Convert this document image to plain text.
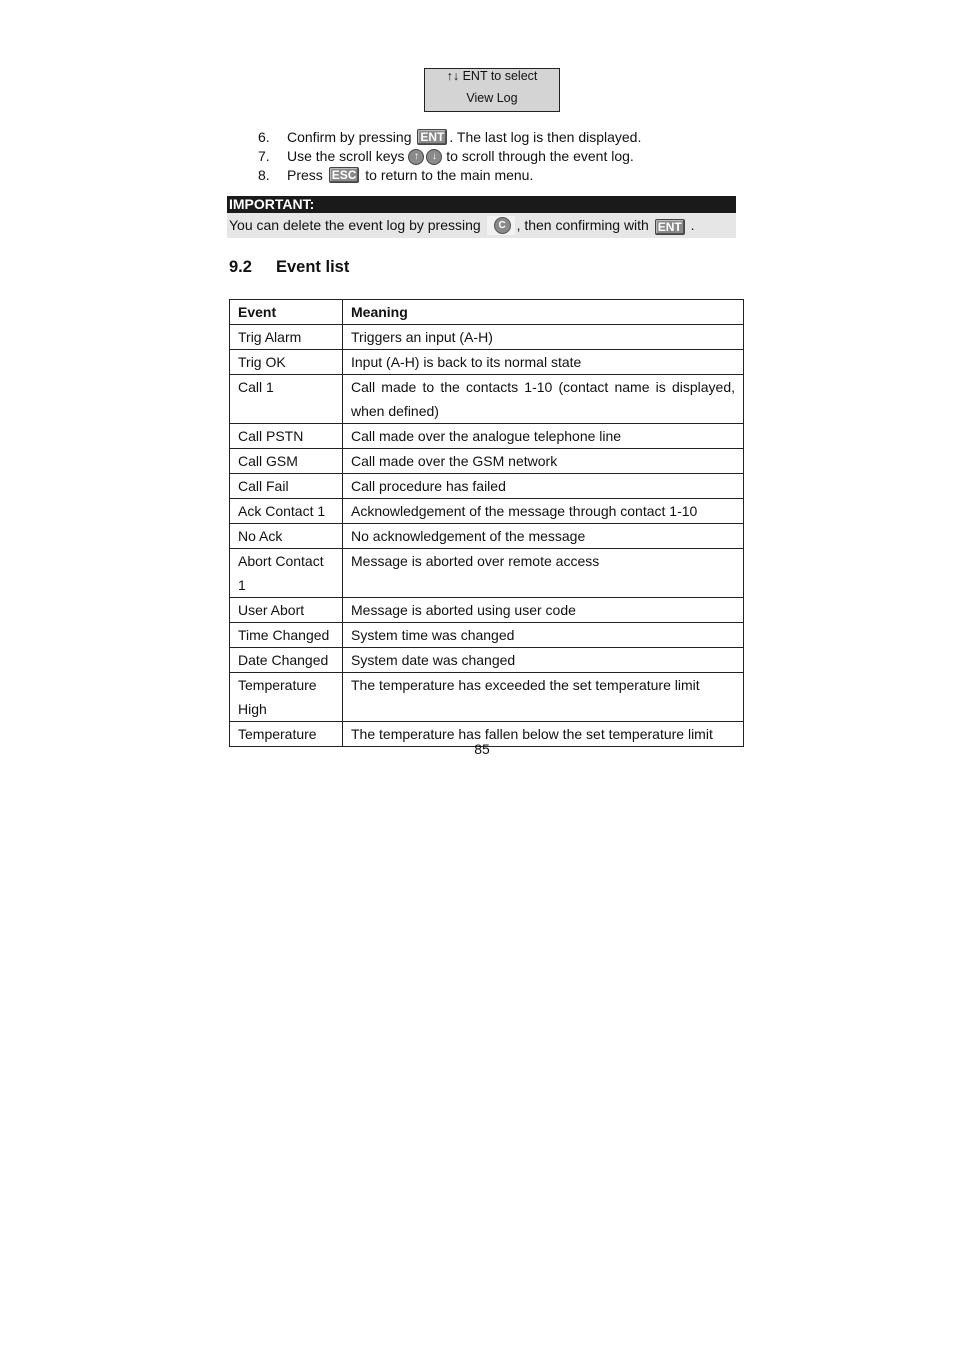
↑↓ ENT to select
View Log
6.	Confirm by pressing ENT . The last log is then displayed.
7.	Use the scroll keys ↑ ↓ to scroll through the event log.
8.	Press ESC to return to the main menu.
IMPORTANT:
You can delete the event log by pressing	C , then confirming with ENT .
9.2 Event list
Event	Meaning
Trig Alarm	Triggers an input (A-H)
Trig OK	Input (A-H) is back to its normal state
Call 1	Call made to the contacts 1-10 (contact name is displayed, when defined)
Call PSTN	Call made over the analogue telephone line
Call GSM	Call made over the GSM network
Call Fail	Call procedure has failed
Ack Contact 1	Acknowledgement of the message through contact 1-10
No Ack	No acknowledgement of the message
Abort Contact 1	Message is aborted over remote access
User Abort	Message is aborted using user code
Time Changed	System time was changed
Date Changed	System date was changed
Temperature High	The temperature has exceeded the set temperature limit
Temperature	The temperature has fallen below the set temperature limit
85
